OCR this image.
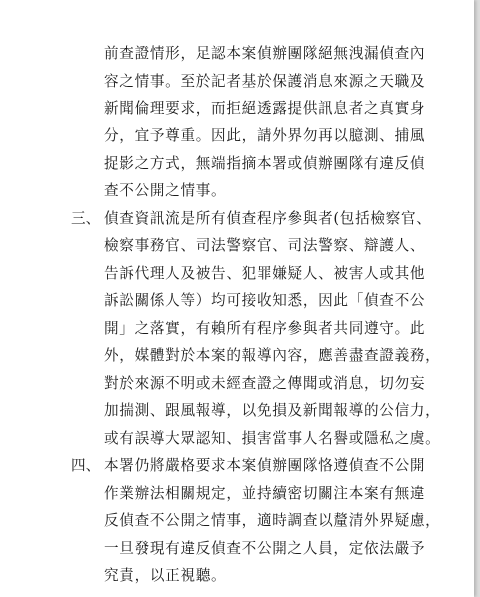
前查證情形，足認本案偵辦團隊絕無洩漏偵查內
容之情事。至於記者基於保護消息來源之天職及
新聞倫理要求，而拒絕透露提供訊息者之真實身
分，宜予尊重。因此，請外界勿再以臆測、捕風
捉影之方式，無端指摘本署或偵辦團隊有違反偵
查不公開之情事。
三、 偵查資訊流是所有偵查程序參與者(包括檢察官、
檢察事務官、司法警察官、司法警察、辯護人、
告訴代理人及被告、犯罪嫌疑人、被害人或其他
訴訟關係人等）均可接收知悉，因此「偵查不公
開」之落實，有賴所有程序參與者共同遵守。此
外，媒體對於本案的報導內容，應善盡查證義務，
對於來源不明或未經查證之傳聞或消息，切勿妄
加揣測、跟風報導，以免損及新聞報導的公信力，
或有誤導大眾認知、損害當事人名譽或隱私之虞。
四、 本署仍將嚴格要求本案偵辦團隊恪遵偵查不公開
作業辦法相關規定，並持續密切關注本案有無違
反偵查不公開之情事，適時調查以釐清外界疑慮，
一旦發現有違反偵查不公開之人員，定依法嚴予
究責，以正視聽。
